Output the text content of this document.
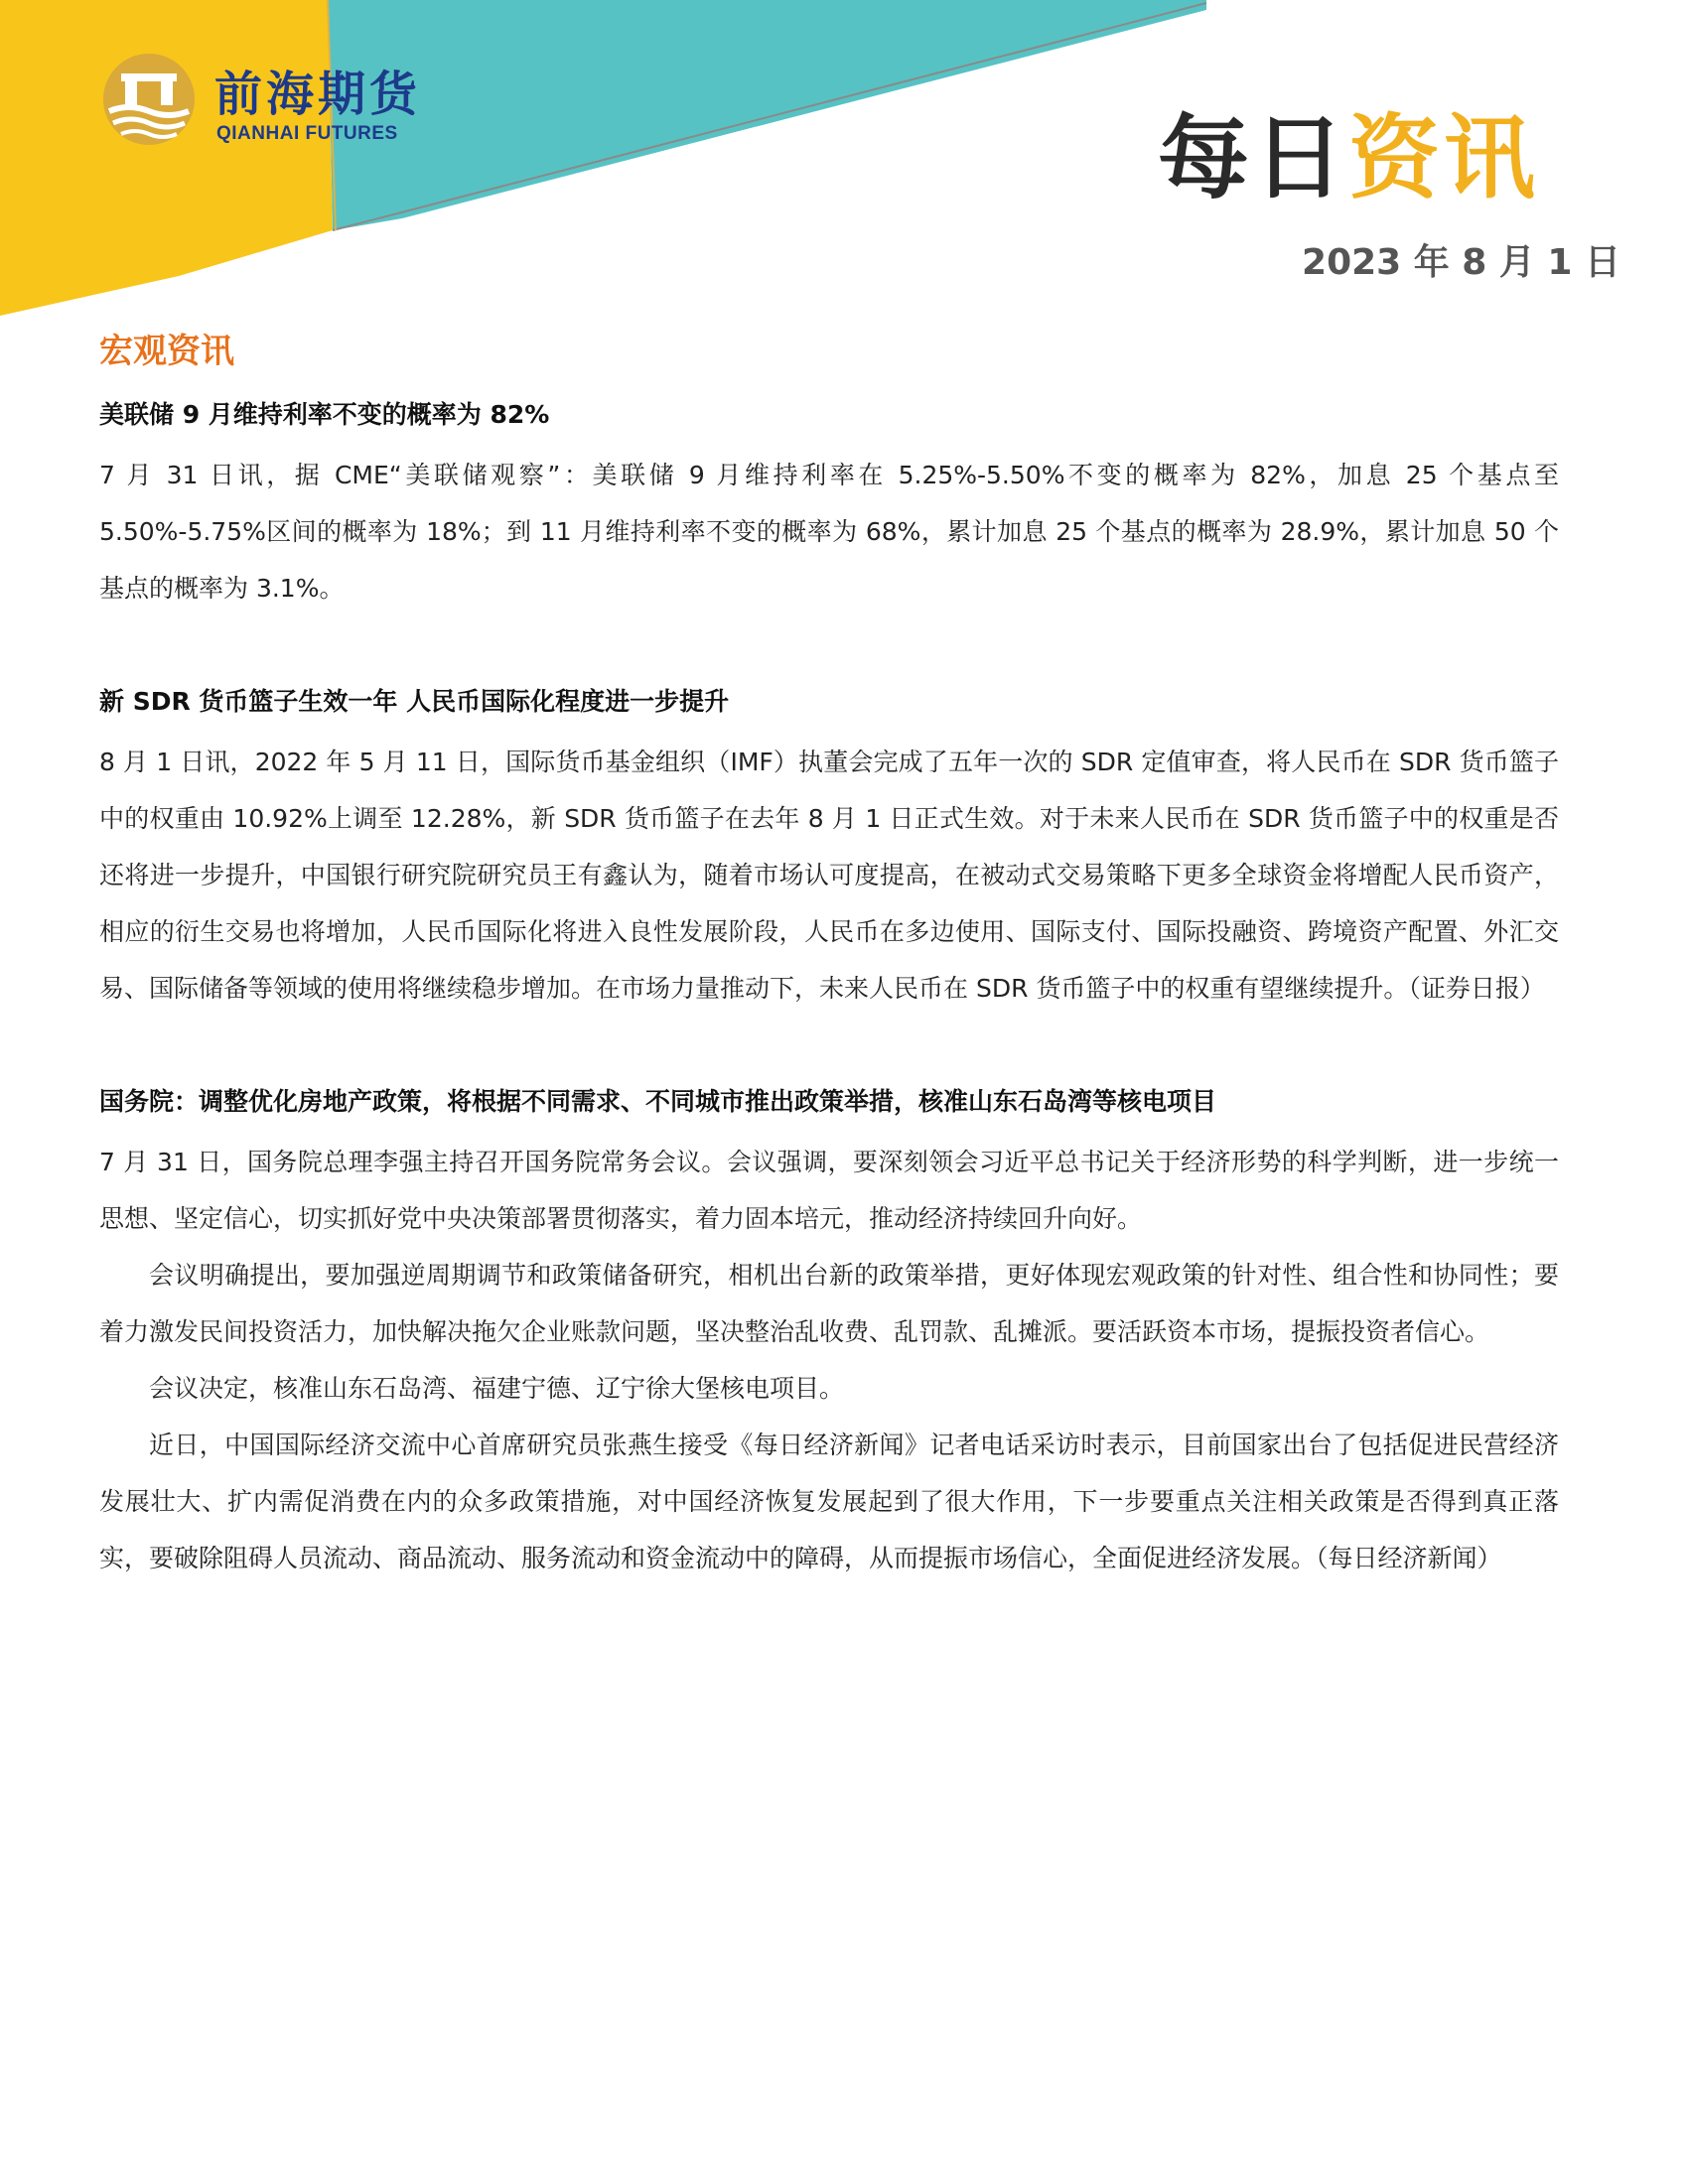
前海期货
QIANHAI FUTURES	每日资讯
2023 年 8 月 1 日
宏观资讯
美联储 9 月维持利率不变的概率为 82%

7 月 31 日讯，据 CME“美联储观察”：美联储 9 月维持利率在 5.25%-5.50%不变的概率为 82%，加息 25 个基点至 5.50%-5.75%区间的概率为 18%；到 11 月维持利率不变的概率为 68%，累计加息 25 个基点的概率为 28.9%，累计加息 50 个基点的概率为 3.1%。

新 SDR 货币篮子生效一年 人民币国际化程度进一步提升

8 月 1 日讯，2022 年 5 月 11 日，国际货币基金组织（IMF）执董会完成了五年一次的 SDR 定值审查，将人民币在 SDR 货币篮子中的权重由 10.92%上调至 12.28%，新 SDR 货币篮子在去年 8 月 1 日正式生效。对于未来人民币在 SDR 货币篮子中的权重是否还将进一步提升，中国银行研究院研究员王有鑫认为，随着市场认可度提高，在被动式交易策略下更多全球资金将增配人民币资产，相应的衍生交易也将增加，人民币国际化将进入良性发展阶段，人民币在多边使用、国际支付、国际投融资、跨境资产配置、外汇交易、国际储备等领域的使用将继续稳步增加。在市场力量推动下，未来人民币在 SDR 货币篮子中的权重有望继续提升。（证券日报）

国务院：调整优化房地产政策，将根据不同需求、不同城市推出政策举措，核准山东石岛湾等核电项目

7 月 31 日，国务院总理李强主持召开国务院常务会议。会议强调，要深刻领会习近平总书记关于经济形势的科学判断，进一步统一思想、坚定信心，切实抓好党中央决策部署贯彻落实，着力固本培元，推动经济持续回升向好。

会议明确提出，要加强逆周期调节和政策储备研究，相机出台新的政策举措，更好体现宏观政策的针对性、组合性和协同性；要着力激发民间投资活力，加快解决拖欠企业账款问题，坚决整治乱收费、乱罚款、乱摊派。要活跃资本市场，提振投资者信心。

会议决定，核准山东石岛湾、福建宁德、辽宁徐大堡核电项目。

近日，中国国际经济交流中心首席研究员张燕生接受《每日经济新闻》记者电话采访时表示，目前国家出台了包括促进民营经济发展壮大、扩内需促消费在内的众多政策措施，对中国经济恢复发展起到了很大作用，下一步要重点关注相关政策是否得到真正落实，要破除阻碍人员流动、商品流动、服务流动和资金流动中的障碍，从而提振市场信心，全面促进经济发展。（每日经济新闻）
